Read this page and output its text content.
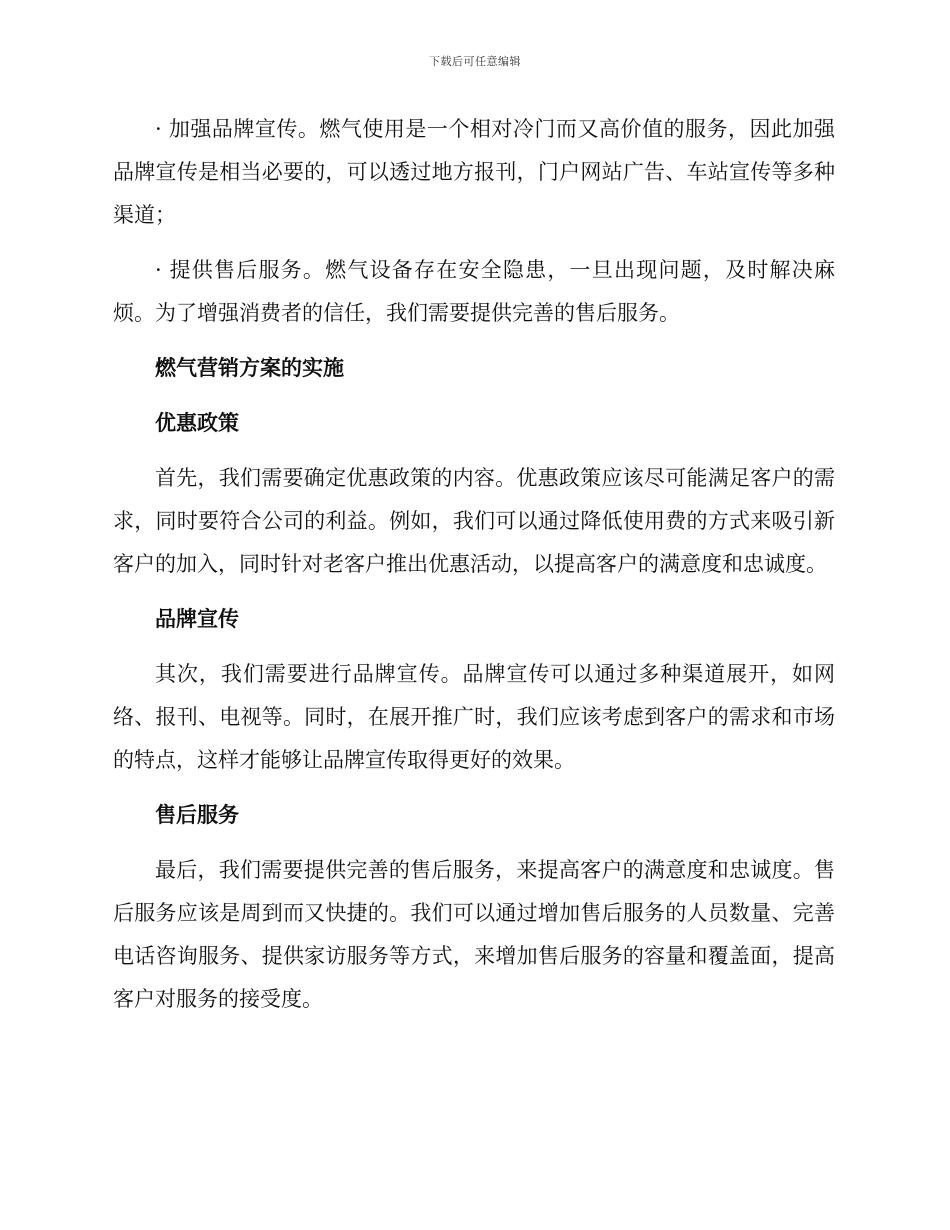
下载后可任意编辑

· 加强品牌宣传。燃气使用是一个相对冷门而又高价值的服务，因此加强品牌宣传是相当必要的，可以透过地方报刊，门户网站广告、车站宣传等多种渠道；

· 提供售后服务。燃气设备存在安全隐患，一旦出现问题，及时解决麻烦。为了增强消费者的信任，我们需要提供完善的售后服务。

燃气营销方案的实施
优惠政策

首先，我们需要确定优惠政策的内容。优惠政策应该尽可能满足客户的需求，同时要符合公司的利益。例如，我们可以通过降低使用费的方式来吸引新客户的加入，同时针对老客户推出优惠活动，以提高客户的满意度和忠诚度。

品牌宣传

其次，我们需要进行品牌宣传。品牌宣传可以通过多种渠道展开，如网络、报刊、电视等。同时，在展开推广时，我们应该考虑到客户的需求和市场的特点，这样才能够让品牌宣传取得更好的效果。

售后服务

最后，我们需要提供完善的售后服务，来提高客户的满意度和忠诚度。售后服务应该是周到而又快捷的。我们可以通过增加售后服务的人员数量、完善电话咨询服务、提供家访服务等方式，来增加售后服务的容量和覆盖面，提高客户对服务的接受度。
